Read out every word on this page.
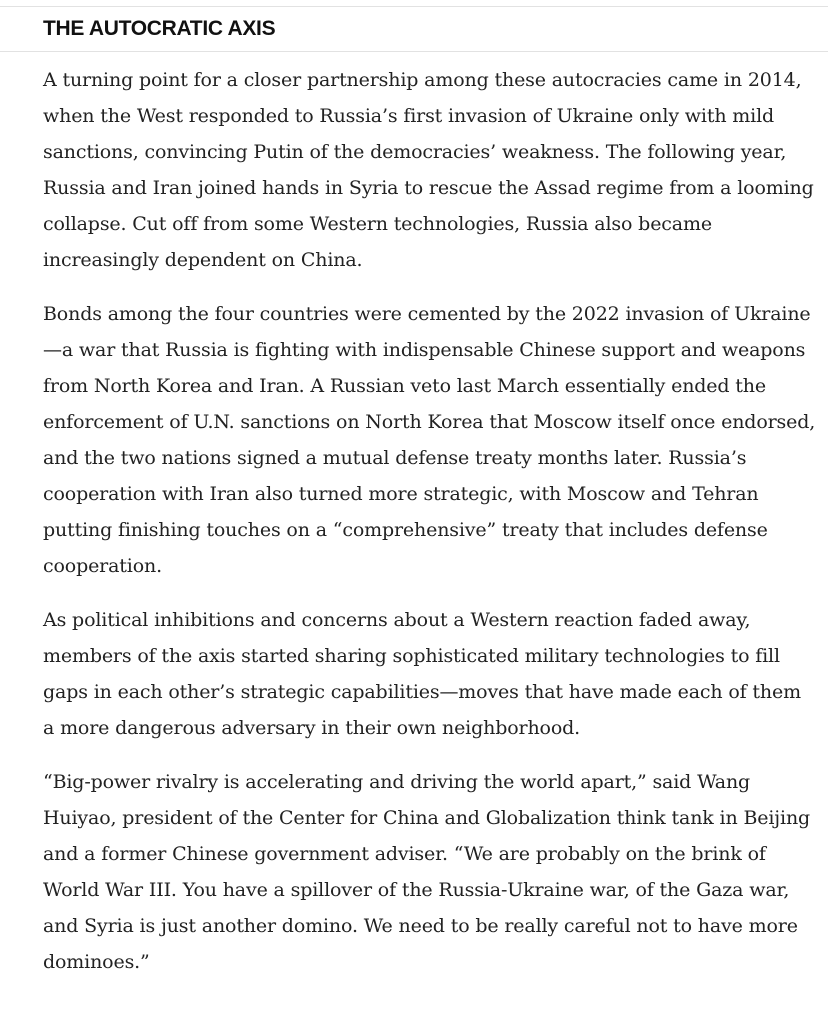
THE AUTOCRATIC AXIS

A turning point for a closer partnership among these autocracies came in 2014, when the West responded to Russia’s first invasion of Ukraine only with mild sanctions, convincing Putin of the democracies’ weakness. The following year, Russia and Iran joined hands in Syria to rescue the Assad regime from a looming collapse. Cut off from some Western technologies, Russia also became increasingly dependent on China.

Bonds among the four countries were cemented by the 2022 invasion of Ukraine—a war that Russia is fighting with indispensable Chinese support and weapons from North Korea and Iran. A Russian veto last March essentially ended the enforcement of U.N. sanctions on North Korea that Moscow itself once endorsed, and the two nations signed a mutual defense treaty months later. Russia’s cooperation with Iran also turned more strategic, with Moscow and Tehran putting finishing touches on a “comprehensive” treaty that includes defense cooperation.

As political inhibitions and concerns about a Western reaction faded away, members of the axis started sharing sophisticated military technologies to fill gaps in each other’s strategic capabilities—moves that have made each of them a more dangerous adversary in their own neighborhood.

“Big-power rivalry is accelerating and driving the world apart,” said Wang Huiyao, president of the Center for China and Globalization think tank in Beijing and a former Chinese government adviser. “We are probably on the brink of World War III. You have a spillover of the Russia-Ukraine war, of the Gaza war, and Syria is just another domino. We need to be really careful not to have more dominoes.”
